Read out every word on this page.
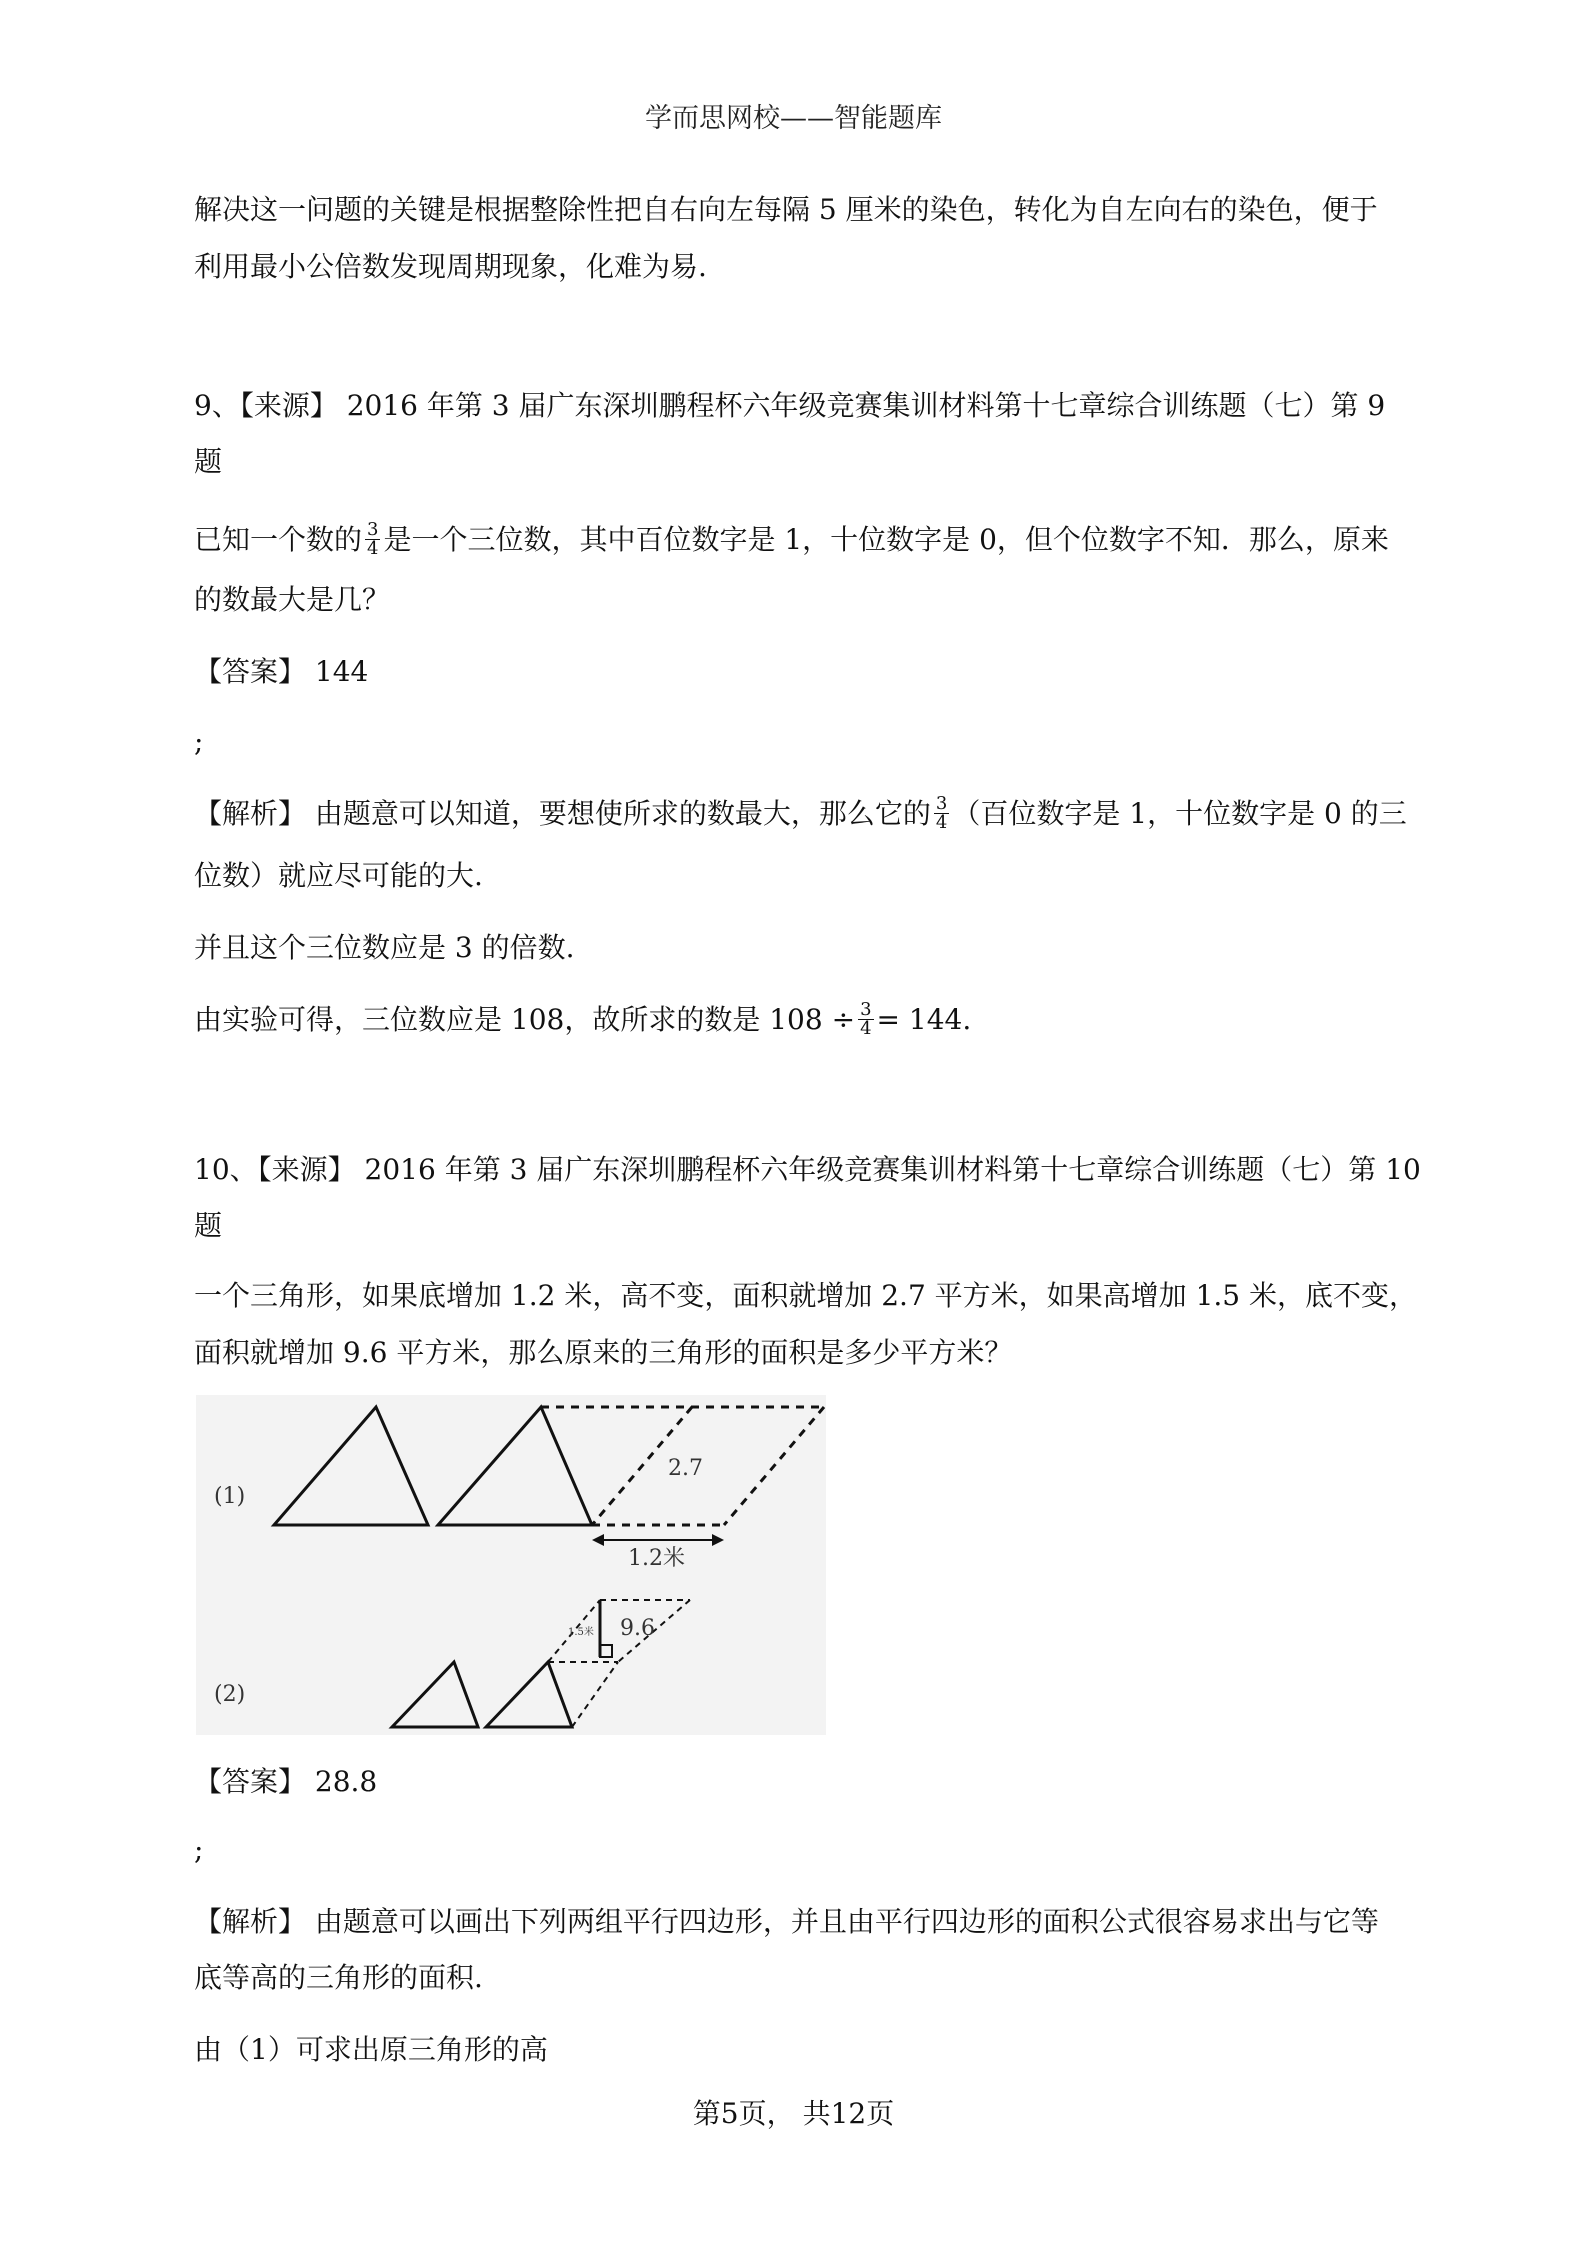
学而思网校——智能题库
解决这一问题的关键是根据整除性把自右向左每隔 5 厘米的染色，转化为自左向右的染色，便于
利用最小公倍数发现周期现象，化难为易.
9、【来源】 2016 年第 3 届广东深圳鹏程杯六年级竞赛集训材料第十七章综合训练题（七）第 9
题
已知一个数的 $\frac{3}{4}$ 是一个三位数，其中百位数字是 1，十位数字是 0，但个位数字不知．那么，原来
的数最大是几？
【答案】 144
;
【解析】 由题意可以知道，要想使所求的数最大，那么它的 $\frac{3}{4}$ （百位数字是 1，十位数字是 0 的三
位数）就应尽可能的大.
并且这个三位数应是 3 的倍数.
由实验可得，三位数应是 108，故所求的数是 $108 \div \frac{3}{4} = 144$.
10、【来源】 2016 年第 3 届广东深圳鹏程杯六年级竞赛集训材料第十七章综合训练题（七）第 10
题
一个三角形，如果底增加 1.2 米，高不变，面积就增加 2.7 平方米，如果高增加 1.5 米，底不变，
面积就增加 9.6 平方米，那么原来的三角形的面积是多少平方米？
(1)
2.7
1.2米
(2)
1.5米 9.6
【答案】 28.8
;
【解析】 由题意可以画出下列两组平行四边形，并且由平行四边形的面积公式很容易求出与它等
底等高的三角形的面积.
由（1）可求出原三角形的高
第5页， 共12页
